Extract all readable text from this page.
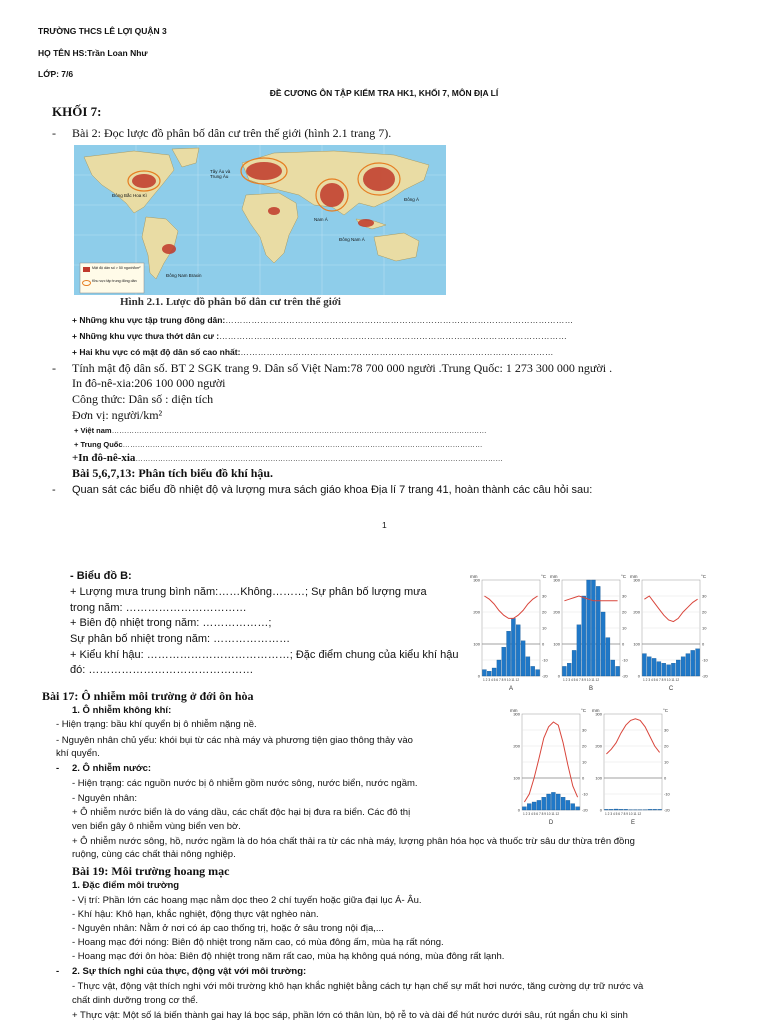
TRƯỜNG THCS LÊ LỢI QUẬN 3
HỌ TÊN HS:Trần Loan Như
LỚP: 7/6
ĐỀ CƯƠNG ÔN TẬP KIỂM TRA HK1, KHỐI 7, MÔN ĐỊA LÍ
KHỐI 7:
- Bài 2: Đọc lược đồ phân bố dân cư trên thế giới (hình 2.1 trang 7).
Tây Âu và Trung Âu
Đông Bắc Hoa Kì
Đông Á
Nam Á
Đông Nam Á
Đông Nam Braxin
Mật độ dân số > 50 người/km²
Khu vực tập trung đông dân
Hình 2.1. Lược đồ phân bố dân cư trên thế giới
+ Những khu vực tập trung đông dân:…………………………………………………………………………………………………………
+ Những khu vực thưa thớt dân cư :…………………………………………………………………………………………………………
+ Hai khu vực có mật độ dân số cao nhất:………………………………………………………………………………………………
- Tính mật độ dân số. BT 2 SGK trang 9. Dân số Việt Nam:78 700 000 người .Trung Quốc: 1 273 300 000 người .
In đô-nê-xia:206 100 000 người
Công thức: Dân số : diện tích
Đơn vị: người/km²
+ Việt nam……………………………………………………………………………………………………………………………………
+ Trung Quốc………………………………………………………………………………………………………………………………
+In đô-nê-xia…………………………………………………………………………………………………………………………………
Bài 5,6,7,13: Phân tích biểu đồ khí hậu.
- Quan sát các biểu đồ nhiệt độ và lượng mưa sách giáo khoa Địa lí 7 trang 41, hoàn thành các câu hỏi sau:
1
- Biểu đồ B:
+ Lượng mưa trung bình năm:……Không………; Sự phân bố lượng mưa
trong năm: ……………………………
+ Biên độ nhiệt trong năm: ………………;
Sự phân bố nhiệt trong năm: …………………
+ Kiểu khí hậu: …………………………………; Đặc điểm chung của kiểu khí hậu
đó: ………………………………………
mm	°C
0
100
200
300
-20
-10
0
10
20
30
1 2 3 4 5 6 7 8 9 10 11 12
A
mm	°C
0
100
200
300
-20
-10
0
10
20
30
1 2 3 4 5 6 7 8 9 10 11 12
B
mm	°C
0
100
200
300
-20
-10
0
10
20
30
1 2 3 4 5 6 7 8 9 10 11 12
C
mm	°C
0
100
200
300
-20
-10
0
10
20
30
1 2 3 4 5 6 7 8 9 10 11 12
D
mm	°C
0
100
200
300
-20
-10
0
10
20
30
1 2 3 4 5 6 7 8 9 10 11 12
E
Bài 17: Ô nhiễm môi trường ở đới ôn hòa
1. Ô nhiễm không khí:
- Hiện trạng: bầu khí quyển bị ô nhiễm nặng nề.
- Nguyên nhân chủ yếu: khói bụi từ các nhà máy và phương tiện giao thông thảy vào
khí quyển.
- 2. Ô nhiễm nước:
- Hiện trạng: các nguồn nước bị ô nhiễm gồm nước sông, nước biển, nước ngầm.
- Nguyên nhân:
+ Ô nhiễm nước biển là do váng dầu, các chất độc hại bị đưa ra biển. Các đô thị
ven biển gây ô nhiễm vùng biển ven bờ.
+ Ô nhiễm nước sông, hồ, nước ngầm là do hóa chất thải ra từ các nhà máy, lượng phân hóa học và thuốc trừ sâu dư thừa trên đồng
ruộng, cùng các chất thải nông nghiệp.
Bài 19: Môi trường hoang mạc
1. Đặc điểm môi trường
- Vị trí: Phần lớn các hoang mạc nằm dọc theo 2 chí tuyến hoặc giữa đại lục Á- Âu.
- Khí hậu: Khô hạn, khắc nghiệt, động thực vật nghèo nàn.
- Nguyên nhân: Nằm ở nơi có áp cao thống trị, hoặc ở sâu trong nội địa,...
- Hoang mạc đới nóng: Biên độ nhiệt trong năm cao, có mùa đông ấm, mùa hạ rất nóng.
- Hoang mạc đới ôn hòa: Biên độ nhiệt trong năm rất cao, mùa hạ không quá nóng, mùa đông rất lạnh.
- 2. Sự thích nghi của thực, động vật với môi trường:
- Thực vật, động vật thích nghi với môi trường khô hạn khắc nghiệt bằng cách tự hạn chế sự mất hơi nước, tăng cường dự trữ nước và
chất dinh dưỡng trong cơ thể.
+ Thực vật: Một số lá biến thành gai hay lá bọc sáp, phần lớn có thân lùn, bộ rễ to và dài để hút nước dưới sâu, rút ngắn chu kì sinh
